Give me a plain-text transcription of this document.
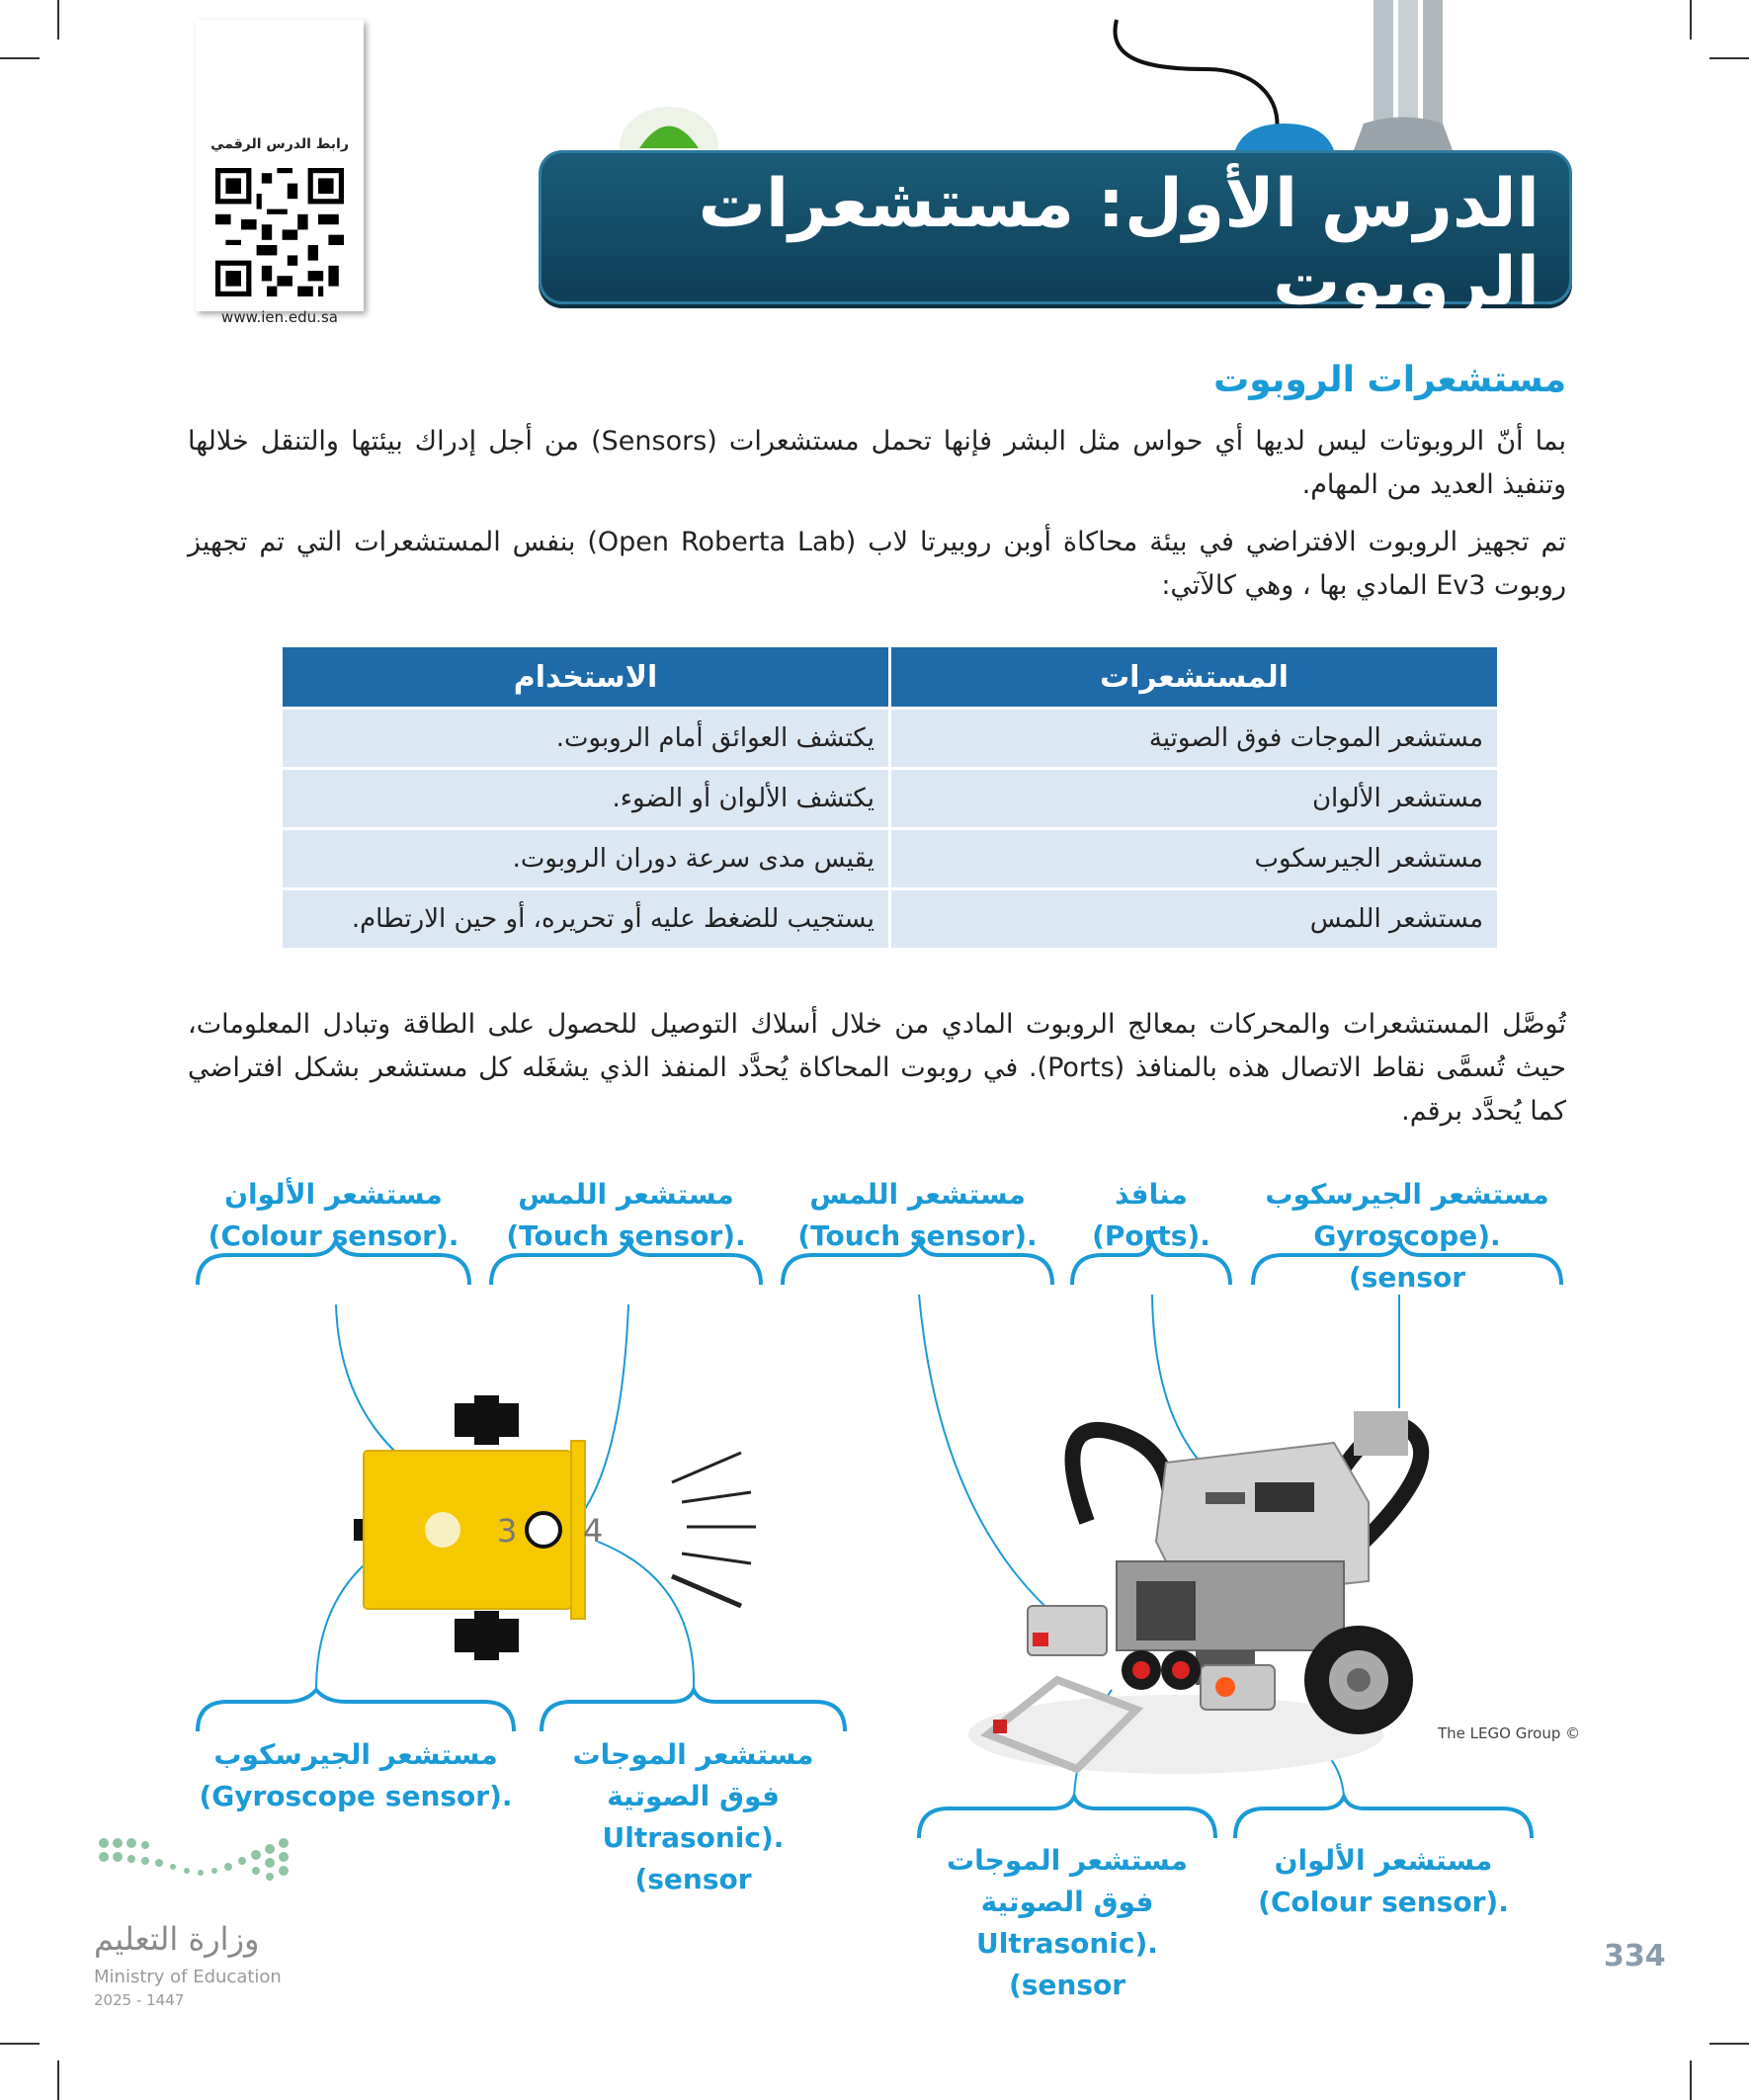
رابط الدرس الرقمي
www.ien.edu.sa
الدرس الأول: مستشعرات الروبوت
مستشعرات الروبوت
بما أنّ الروبوتات ليس لديها أي حواس مثل البشر فإنها تحمل مستشعرات (Sensors) من أجل إدراك بيئتها والتنقل خلالها وتنفيذ العديد من المهام.
تم تجهيز الروبوت الافتراضي في بيئة محاكاة أوبن روبيرتا لاب (Open Roberta Lab) بنفس المستشعرات التي تم تجهيز روبوت Ev3 المادي بها ، وهي كالآتي:
المستشعرات	الاستخدام
مستشعر الموجات فوق الصوتية	يكتشف العوائق أمام الروبوت.
مستشعر الألوان	يكتشف الألوان أو الضوء.
مستشعر الجيرسكوب	يقيس مدى سرعة دوران الروبوت.
مستشعر اللمس	يستجيب للضغط عليه أو تحريره، أو حين الارتطام.
تُوصَّل المستشعرات والمحركات بمعالج الروبوت المادي من خلال أسلاك التوصيل للحصول على الطاقة وتبادل المعلومات، حيث تُسمَّى نقاط الاتصال هذه بالمنافذ (Ports). في روبوت المحاكاة يُحدَّد المنفذ الذي يشغَله كل مستشعر بشكل افتراضي كما يُحدَّد برقم.
3 4
The LEGO Group ©
مستشعر الألوان
.(Colour sensor)
مستشعر اللمس
.(Touch sensor)
مستشعر اللمس
.(Touch sensor)
منافذ
.(Ports)
مستشعر الجيرسكوب
.(Gyroscope sensor)
مستشعر الجيرسكوب
.(Gyroscope sensor)
مستشعر الموجات
فوق الصوتية
.(Ultrasonic sensor)
مستشعر الموجات
فوق الصوتية
.(Ultrasonic sensor)
مستشعر الألوان
.(Colour sensor)
وزارة التعليم
Ministry of Education
2025 - 1447
334
